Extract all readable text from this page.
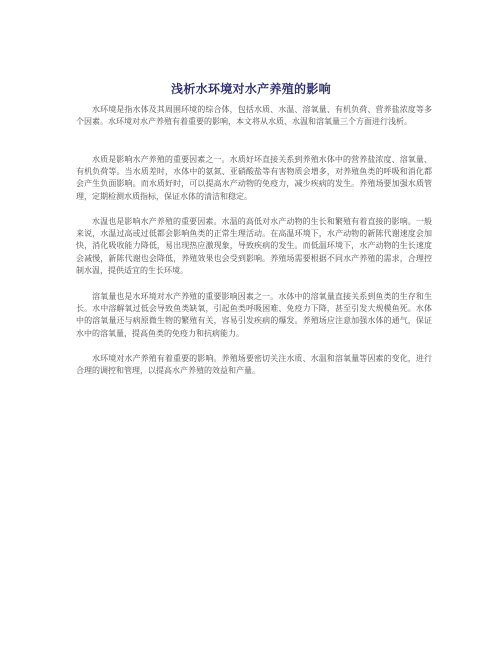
浅析水环境对水产养殖的影响

水环境是指水体及其周围环境的综合体，包括水质、水温、溶氧量、有机负荷、营养盐浓度等多个因素。水环境对水产养殖有着重要的影响，本文将从水质、水温和溶氧量三个方面进行浅析。

水质是影响水产养殖的重要因素之一。水质好坏直接关系到养殖水体中的营养盐浓度、溶氧量、有机负荷等。当水质差时，水体中的氨氮、亚硝酸盐等有害物质会增多，对养殖鱼类的呼吸和消化都会产生负面影响。而水质好时，可以提高水产动物的免疫力，减少疾病的发生。养殖场要加强水质管理，定期检测水质指标，保证水体的清洁和稳定。

水温也是影响水产养殖的重要因素。水温的高低对水产动物的生长和繁殖有着直接的影响。一般来说，水温过高或过低都会影响鱼类的正常生理活动。在高温环境下，水产动物的新陈代谢速度会加快，消化吸收能力降低，易出现热应激现象，导致疾病的发生。而低温环境下，水产动物的生长速度会减慢，新陈代谢也会降低，养殖效果也会受到影响。养殖场需要根据不同水产养殖的需求，合理控制水温，提供适宜的生长环境。

溶氧量也是水环境对水产养殖的重要影响因素之一。水体中的溶氧量直接关系到鱼类的生存和生长。水中溶解氧过低会导致鱼类缺氧，引起鱼类呼吸困难、免疫力下降，甚至引发大规模鱼死。水体中的溶氧量还与病原微生物的繁殖有关，容易引发疾病的爆发。养殖场应注意加强水体的通气，保证水中的溶氧量，提高鱼类的免疫力和抗病能力。

水环境对水产养殖有着重要的影响。养殖场要密切关注水质、水温和溶氧量等因素的变化，进行合理的调控和管理，以提高水产养殖的效益和产量。
